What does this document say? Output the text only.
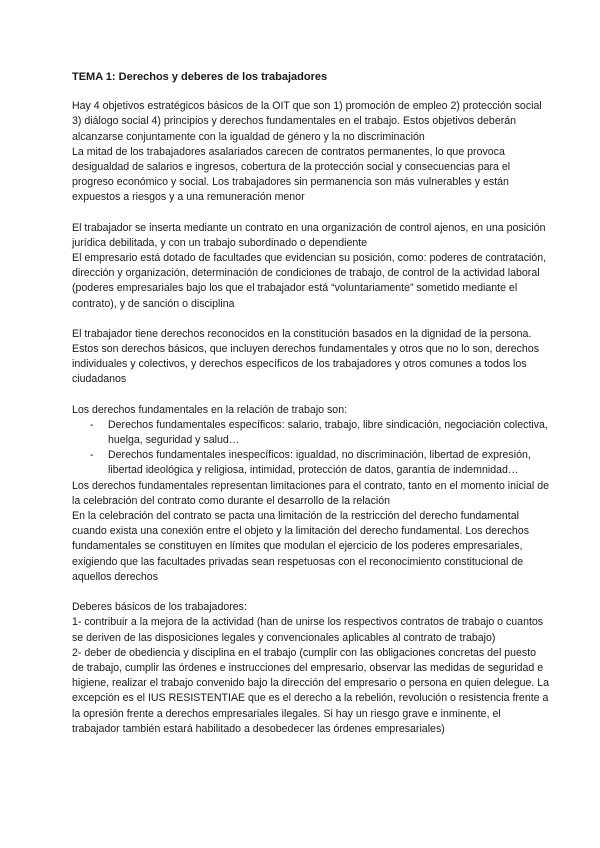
TEMA 1: Derechos y deberes de los trabajadores

Hay 4 objetivos estratégicos básicos de la OIT que son 1) promoción de empleo 2) protección social 3) diálogo social 4) principios y derechos fundamentales en el trabajo. Estos objetivos deberán alcanzarse conjuntamente con la igualdad de género y la no discriminación

La mitad de los trabajadores asalariados carecen de contratos permanentes, lo que provoca desigualdad de salarios e ingresos, cobertura de la protección social y consecuencias para el progreso económico y social. Los trabajadores sin permanencia son más vulnerables y están expuestos a riesgos y a una remuneración menor

El trabajador se inserta mediante un contrato en una organización de control ajenos, en una posición jurídica debilitada, y con un trabajo subordinado o dependiente

El empresario está dotado de facultades que evidencian su posición, como: poderes de contratación, dirección y organización, determinación de condiciones de trabajo, de control de la actividad laboral (poderes empresariales bajo los que el trabajador está “voluntariamente” sometido mediante el contrato), y de sanción o disciplina

El trabajador tiene derechos reconocidos en la constitución basados en la dignidad de la persona. Estos son derechos básicos, que incluyen derechos fundamentales y otros que no lo son, derechos individuales y colectivos, y derechos específicos de los trabajadores y otros comunes a todos los ciudadanos

Los derechos fundamentales en la relación de trabajo son:

- Derechos fundamentales específicos: salario, trabajo, libre sindicación, negociación colectiva, huelga, seguridad y salud…
- Derechos fundamentales inespecíficos: igualdad, no discriminación, libertad de expresión, libertad ideológica y religiosa, intimidad, protección de datos, garantía de indemnidad…

Los derechos fundamentales representan limitaciones para el contrato, tanto en el momento inicial de la celebración del contrato como durante el desarrollo de la relación

En la celebración del contrato se pacta una limitación de la restricción del derecho fundamental cuando exista una conexión entre el objeto y la limitación del derecho fundamental. Los derechos fundamentales se constituyen en límites que modulan el ejercicio de los poderes empresariales, exigiendo que las facultades privadas sean respetuosas con el reconocimiento constitucional de aquellos derechos

Deberes básicos de los trabajadores:

1- contribuir a la mejora de la actividad (han de unirse los respectivos contratos de trabajo o cuantos se deriven de las disposiciones legales y convencionales aplicables al contrato de trabajo)

2- deber de obediencia y disciplina en el trabajo (cumplir con las obligaciones concretas del puesto de trabajo, cumplir las órdenes e instrucciones del empresario, observar las medidas de seguridad e higiene, realizar el trabajo convenido bajo la dirección del empresario o persona en quien delegue. La excepción es el IUS RESISTENTIAE que es el derecho a la rebelión, revolución o resistencia frente a la opresión frente a derechos empresariales ilegales. Si hay un riesgo grave e inminente, el trabajador también estará habilitado a desobedecer las órdenes empresariales)
